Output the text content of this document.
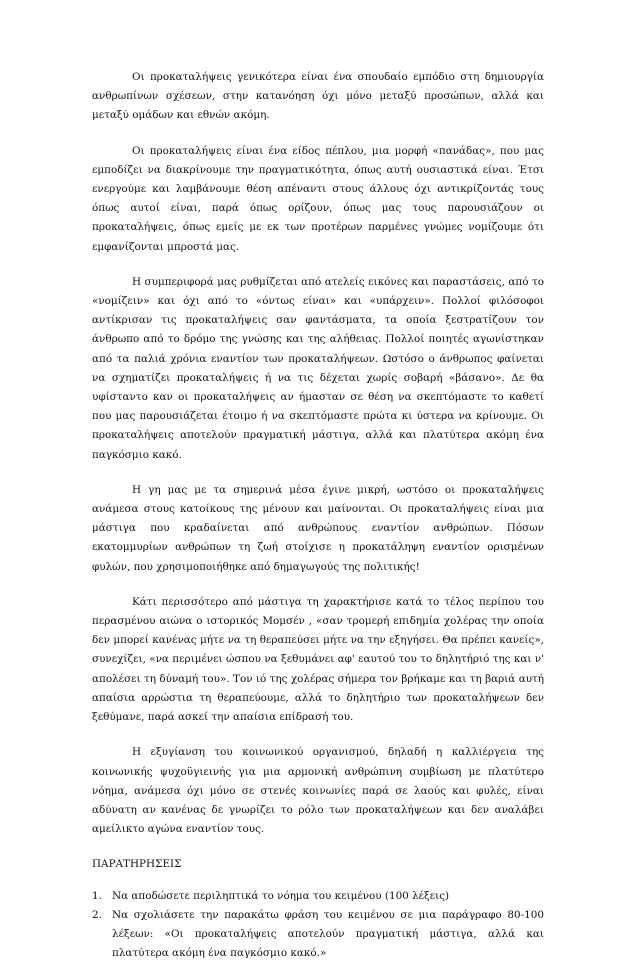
Οι προκαταλήψεις γενικότερα είναι ένα σπουδαίο εμπόδιο στη δημιουργία ανθρωπίνων σχέσεων, στην κατανόηση όχι μόνο μεταξύ προσώπων, αλλά και μεταξύ ομάδων και εθνών ακόμη.

Οι προκαταλήψεις είναι ένα είδος πέπλου, μια μορφή «πανάδας», που μας εμποδίζει να διακρίνουμε την πραγματικότητα, όπως αυτή ουσιαστικά είναι. Έτσι ενεργούμε και λαμβάνουμε θέση απέναντι στους άλλους όχι αντικρίζοντάς τους όπως αυτοί είναι, παρά όπως ορίζουν, όπως μας τους παρουσιάζουν οι προκαταλήψεις, όπως εμείς με εκ των προτέρων παρμένες γνώμες νομίζουμε ότι εμφανίζονται μπροστά μας.

Η συμπεριφορά μας ρυθμίζεται από ατελείς εικόνες και παραστάσεις, από το «νομίζειν» και όχι από το «όντως είναι» και «υπάρχειν». Πολλοί φιλόσοφοι αντίκρισαν τις προκαταλήψεις σαν φαντάσματα, τα οποία ξεστρατίζουν τον άνθρωπο από το δρόμο της γνώσης και της αλήθειας. Πολλοί ποιητές αγωνίστηκαν από τα παλιά χρόνια εναντίον των προκαταλήψεων. Ωστόσο ο άνθρωπος φαίνεται να σχηματίζει προκαταλήψεις ή να τις δέχεται χωρίς σοβαρή «βάσανο». Δε θα υφίσταντο καν οι προκαταλήψεις αν ήμασταν σε θέση να σκεπτόμαστε το καθετί που μας παρουσιάζεται έτοιμο ή να σκεπτόμαστε πρώτα κι ύστερα να κρίνουμε. Οι προκαταλήψεις αποτελούν πραγματική μάστιγα, αλλά και πλατύτερα ακόμη ένα παγκόσμιο κακό.

Η γη μας με τα σημερινά μέσα έγινε μικρή, ωστόσο οι προκαταλήψεις ανάμεσα στους κατοίκους της μένουν και μαίνονται. Οι προκαταλήψεις είναι μια μάστιγα που κραδαίνεται από ανθρώπους εναντίον ανθρώπων. Πόσων εκατομμυρίων ανθρώπων τη ζωή στοίχισε η προκατάληψη εναντίον ορισμένων φυλών, που χρησιμοποιήθηκε από δημαγωγούς της πολιτικής!

Κάτι περισσότερο από μάστιγα τη χαρακτήρισε κατά το τέλος περίπου του περασμένου αιώνα ο ιστορικός Μομσέν , «σαν τρομερή επιδημία χολέρας την οποία δεν μπορεί κανένας μήτε να τη θεραπεύσει μήτε να την εξηγήσει. Θα πρέπει κανείς», συνεχίζει, «να περιμένει ώσπου να ξεθυμάνει αφ' εαυτού του το δηλητήριό της και ν' απολέσει τη δύναμή του». Τον ιό της χολέρας σήμερα τον βρήκαμε και τη βαριά αυτή απαίσια αρρώστια τη θεραπεύουμε, αλλά το δηλητήριο των προκαταλήψεων δεν ξεθύμανε, παρά ασκεί την απαίσια επίδρασή του.

Η εξυγίανση του κοινωνικού οργανισμού, δηλαδή η καλλιέργεια της κοινωνικής ψυχοϋγιεινής για μια αρμονική ανθρώπινη συμβίωση με πλατύτερο νόημα, ανάμεσα όχι μόνο σε στενές κοινωνίες παρά σε λαούς και φυλές, είναι αδύνατη αν κανένας δε γνωρίζει το ρόλο των προκαταλήψεων και δεν αναλάβει αμείλικτο αγώνα εναντίον τους.

ΠΑΡΑΤΗΡΗΣΕΙΣ
1. Να αποδώσετε περιληπτικά το νόημα του κειμένου (100 λέξεις)
2. Να σχολιάσετε την παρακάτω φράση του κειμένου σε μια παράγραφο 80-100 λέξεων: «Οι προκαταλήψεις αποτελούν πραγματική μάστιγα, αλλά και πλατύτερα ακόμη ένα παγκόσμιο κακό.»
